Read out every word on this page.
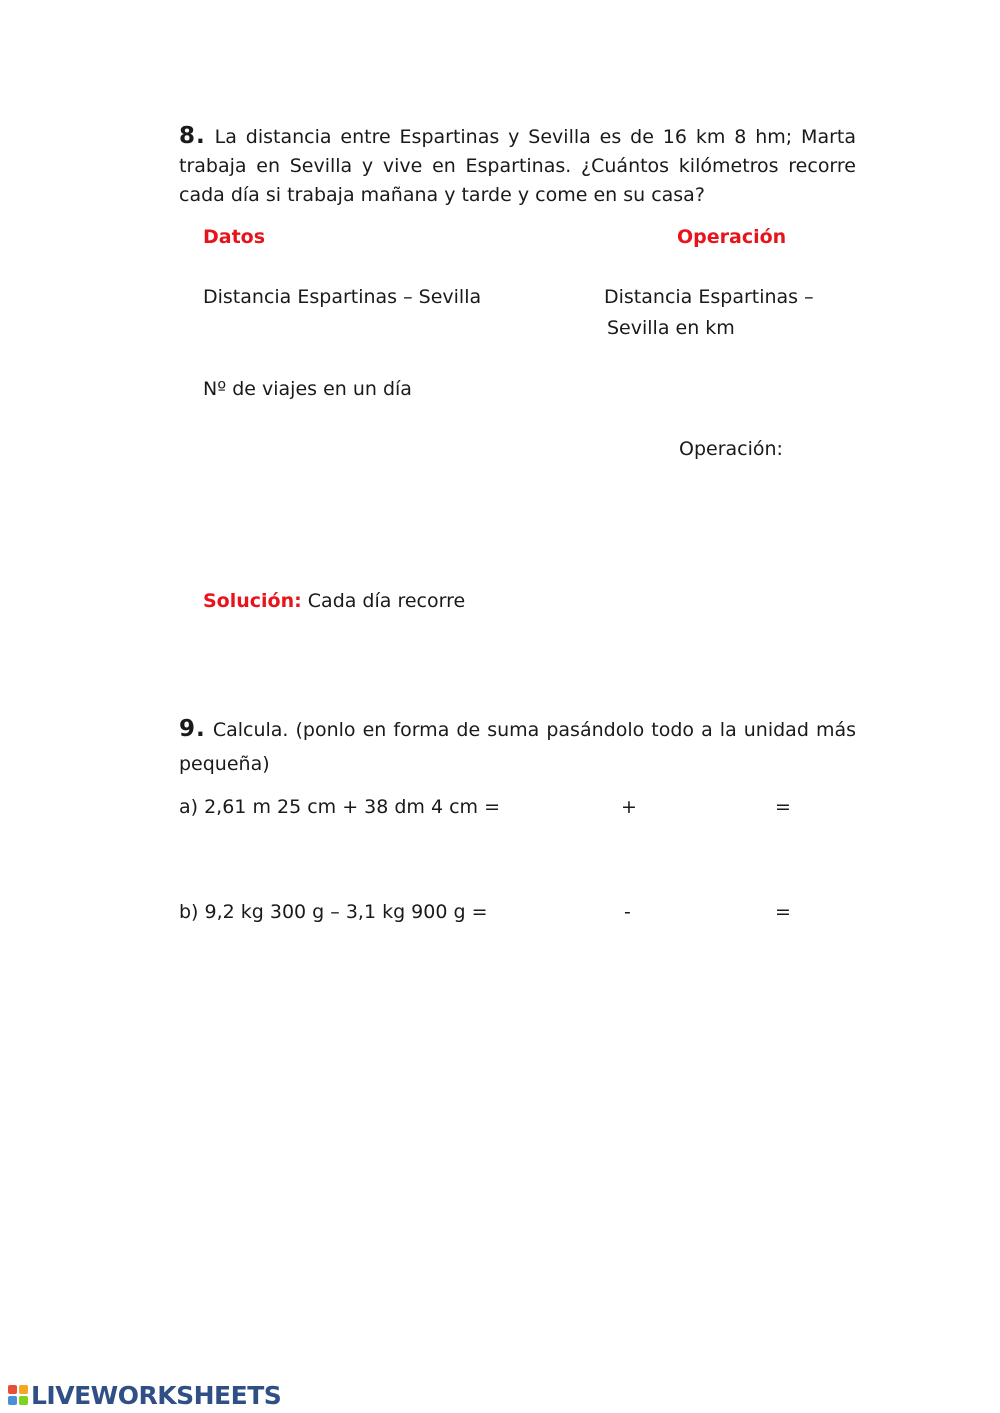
8. La distancia entre Espartinas y Sevilla es de 16 km 8 hm; Marta trabaja en Sevilla y vive en Espartinas. ¿Cuántos kilómetros recorre cada día si trabaja mañana y tarde y come en su casa?
Datos	Operación
Distancia Espartinas – Sevilla	Distancia Espartinas –
Sevilla en km
Nº de viajes en un día
Operación:
Solución: Cada día recorre
9. Calcula. (ponlo en forma de suma pasándolo todo a la unidad más pequeña)
a) 2,61 m 25 cm + 38 dm 4 cm =	+	=
b) 9,2 kg 300 g – 3,1 kg 900 g =	-	=
LIVEWORKSHEETS
